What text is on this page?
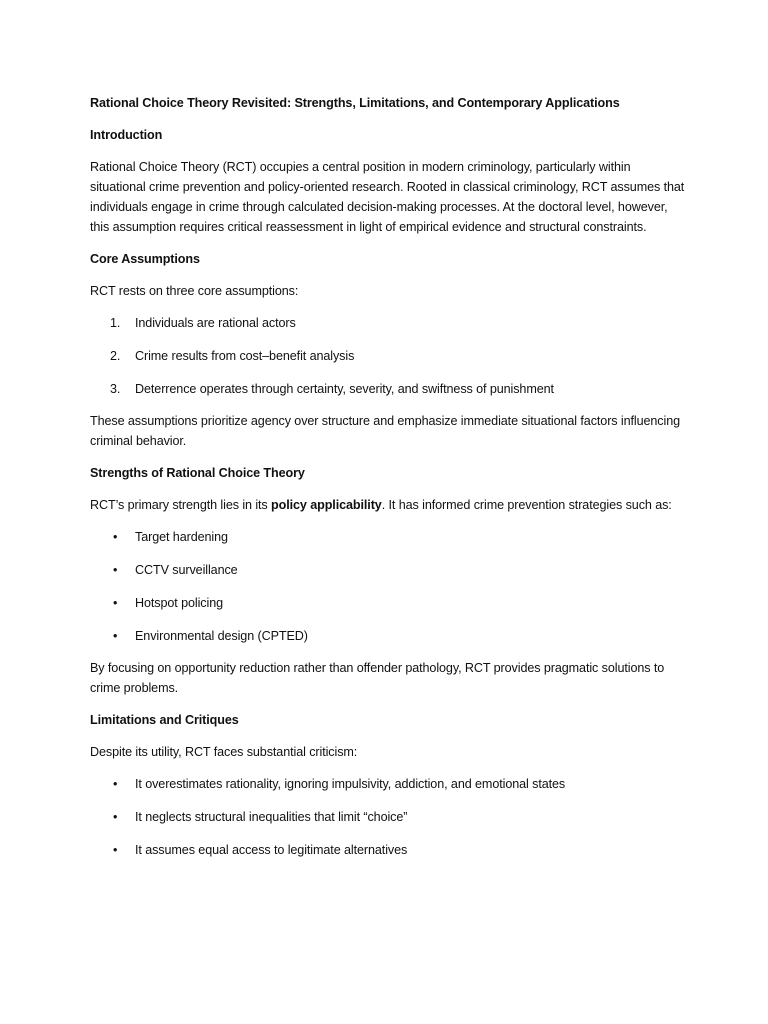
Rational Choice Theory Revisited: Strengths, Limitations, and Contemporary Applications

Introduction

Rational Choice Theory (RCT) occupies a central position in modern criminology, particularly within situational crime prevention and policy-oriented research. Rooted in classical criminology, RCT assumes that individuals engage in crime through calculated decision-making processes. At the doctoral level, however, this assumption requires critical reassessment in light of empirical evidence and structural constraints.

Core Assumptions

RCT rests on three core assumptions:

1. Individuals are rational actors
2. Crime results from cost–benefit analysis
3. Deterrence operates through certainty, severity, and swiftness of punishment

These assumptions prioritize agency over structure and emphasize immediate situational factors influencing criminal behavior.

Strengths of Rational Choice Theory

RCT’s primary strength lies in its policy applicability. It has informed crime prevention strategies such as:

• Target hardening
• CCTV surveillance
• Hotspot policing
• Environmental design (CPTED)

By focusing on opportunity reduction rather than offender pathology, RCT provides pragmatic solutions to crime problems.

Limitations and Critiques

Despite its utility, RCT faces substantial criticism:

• It overestimates rationality, ignoring impulsivity, addiction, and emotional states
• It neglects structural inequalities that limit “choice”
• It assumes equal access to legitimate alternatives
